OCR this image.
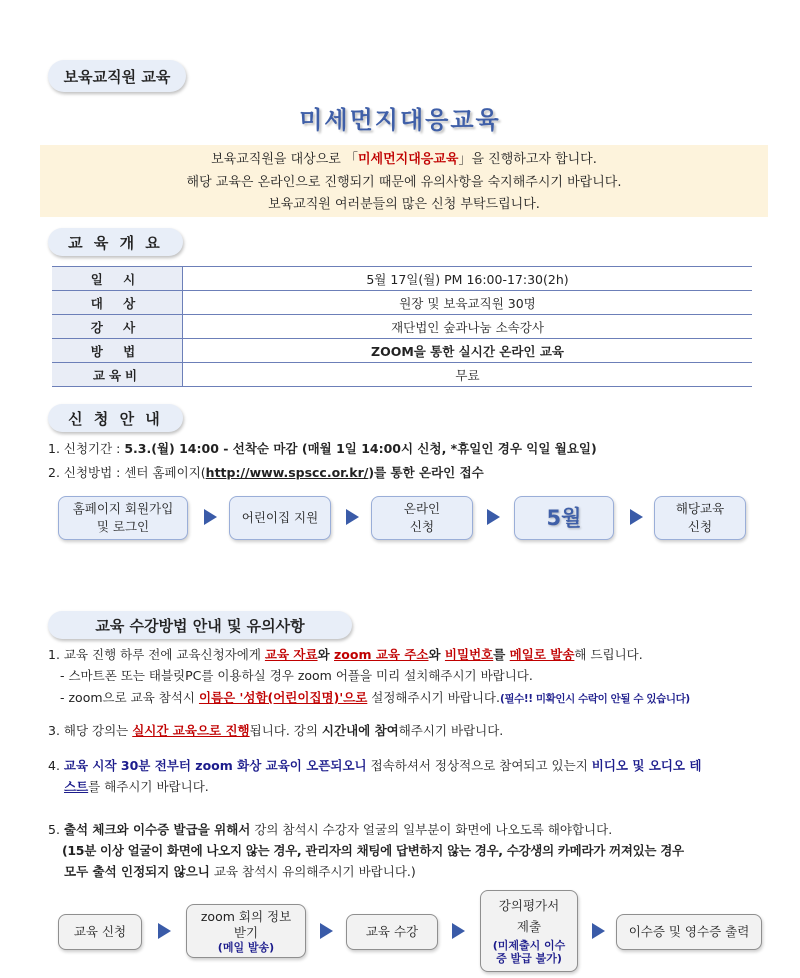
보육교직원 교육
미세먼지대응교육

보육교직원을 대상으로 「미세먼지대응교육」을 진행하고자 합니다.

해당 교육은 온라인으로 진행되기 때문에 유의사항을 숙지해주시기 바랍니다.

보육교직원 여러분들의 많은 신청 부탁드립니다.

교 육 개 요
일 시	5월 17일(월) PM 16:00-17:30(2h)
대 상	원장 및 보육교직원 30명
강 사	재단법인 숲과나눔 소속강사
방 법	ZOOM을 통한 실시간 온라인 교육
교육비	무료
신 청 안 내
1. 신청기간 : 5.3.(월) 14:00 - 선착순 마감 (매월 1일 14:00시 신청, *휴일인 경우 익일 월요일)
2. 신청방법 : 센터 홈페이지(http://www.spscc.or.kr/)를 통한 온라인 접수
홈페이지 회원가입
및 로그인
어린이집 지원
온라인
신청	5월	해당교육
신청
교육 수강방법 안내 및 유의사항
1. 교육 진행 하루 전에 교육신청자에게 교육 자료와 zoom 교육 주소와 비밀번호를 메일로 발송해 드립니다.
- 스마트폰 또는 태블릿PC를 이용하실 경우 zoom 어플을 미리 설치해주시기 바랍니다.
- zoom으로 교육 참석시 이름은 '성함(어린이집명)'으로 설정해주시기 바랍니다.(필수!! 미확인시 수락이 안될 수 있습니다)
3. 해당 강의는 실시간 교육으로 진행됩니다. 강의 시간내에 참여해주시기 바랍니다.
4. 교육 시작 30분 전부터 zoom 화상 교육이 오픈되오니 접속하셔서 정상적으로 참여되고 있는지 비디오 및 오디오 테
스트를 해주시기 바랍니다.
5. 출석 체크와 이수증 발급을 위해서 강의 참석시 수강자 얼굴의 일부분이 화면에 나오도록 해야합니다.
(15분 이상 얼굴이 화면에 나오지 않는 경우, 관리자의 채팅에 답변하지 않는 경우, 수강생의 카메라가 꺼져있는 경우
모두 출석 인정되지 않으니 교육 참석시 유의해주시기 바랍니다.)
교육 신청
zoom 회의 정보
받기
(메일 발송)
교육 수강
강의평가서
제출
(미제출시 이수증 발급 불가)
이수증 및 영수증 출력
